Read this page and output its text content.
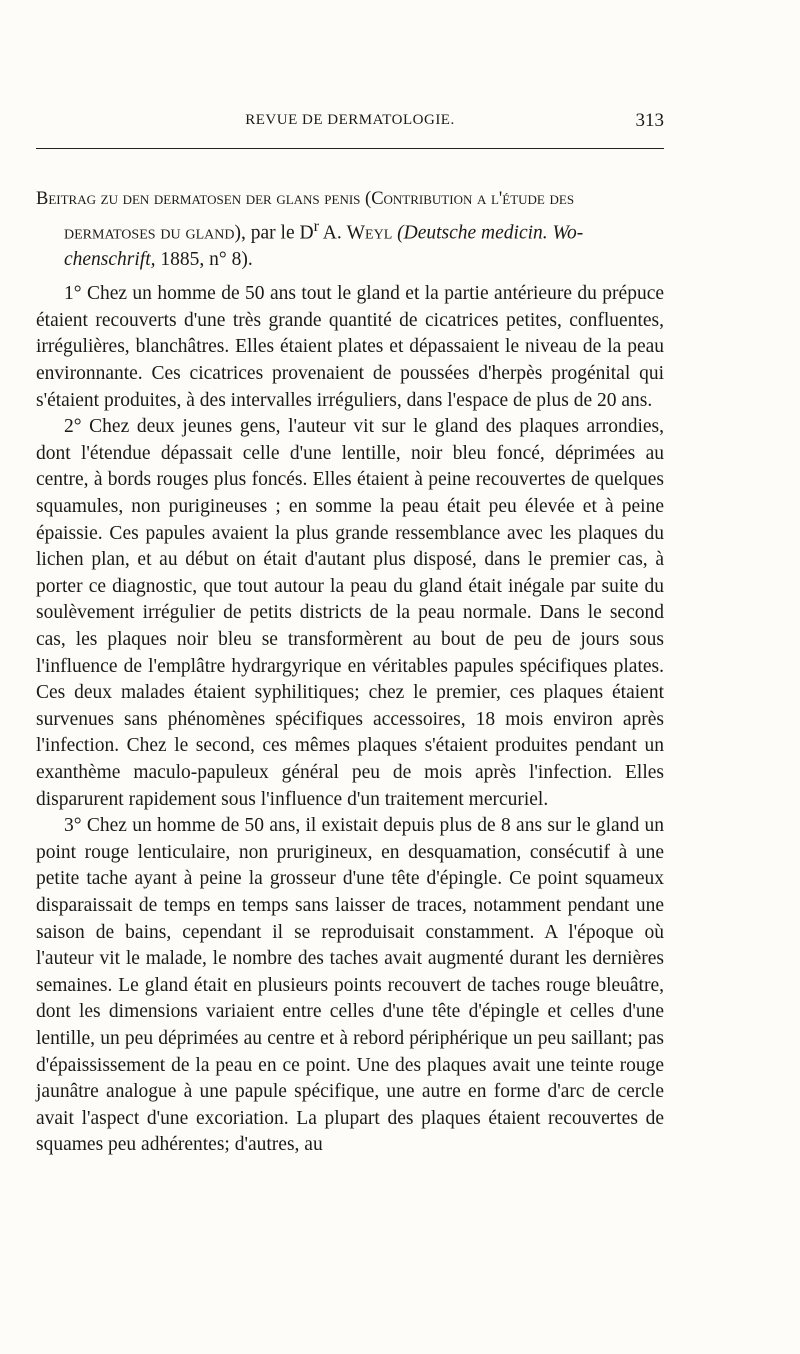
REVUE DE DERMATOLOGIE.	313
Beitrag zu den dermatosen der glans penis (Contribution a l'étude des
dermatoses du gland), par le $D^r$ A. Weyl (Deutsche medicin. Wo- chenschrift, 1885, n° 8).

1° Chez un homme de 50 ans tout le gland et la partie antérieure du prépuce étaient recouverts d'une très grande quantité de cicatrices petites, confluentes, irrégulières, blanchâtres. Elles étaient plates et dépassaient le niveau de la peau environnante. Ces cicatrices provenaient de poussées d'herpès progénital qui s'étaient produites, à des intervalles irréguliers, dans l'espace de plus de 20 ans.

2° Chez deux jeunes gens, l'auteur vit sur le gland des plaques arrondies, dont l'étendue dépassait celle d'une lentille, noir bleu foncé, déprimées au centre, à bords rouges plus foncés. Elles étaient à peine recouvertes de quelques squamules, non purigineuses ; en somme la peau était peu élevée et à peine épaissie. Ces papules avaient la plus grande ressemblance avec les plaques du lichen plan, et au début on était d'autant plus disposé, dans le premier cas, à porter ce diagnostic, que tout autour la peau du gland était inégale par suite du soulèvement irrégulier de petits districts de la peau normale. Dans le second cas, les plaques noir bleu se transformèrent au bout de peu de jours sous l'influence de l'emplâtre hydrargyrique en véritables papules spécifiques plates. Ces deux malades étaient syphilitiques; chez le premier, ces plaques étaient survenues sans phénomènes spécifiques accessoires, 18 mois environ après l'infection. Chez le second, ces mêmes plaques s'étaient produites pendant un exanthème maculo-papuleux général peu de mois après l'infection. Elles disparurent rapidement sous l'influence d'un traitement mercuriel.

3° Chez un homme de 50 ans, il existait depuis plus de 8 ans sur le gland un point rouge lenticulaire, non prurigineux, en desquamation, consécutif à une petite tache ayant à peine la grosseur d'une tête d'épingle. Ce point squameux disparaissait de temps en temps sans laisser de traces, notamment pendant une saison de bains, cependant il se reproduisait constamment. A l'époque où l'auteur vit le malade, le nombre des taches avait augmenté durant les dernières semaines. Le gland était en plusieurs points recouvert de taches rouge bleuâtre, dont les dimensions variaient entre celles d'une tête d'épingle et celles d'une lentille, un peu déprimées au centre et à rebord périphérique un peu saillant; pas d'épaississement de la peau en ce point. Une des plaques avait une teinte rouge jaunâtre analogue à une papule spécifique, une autre en forme d'arc de cercle avait l'aspect d'une excoriation. La plupart des plaques étaient recouvertes de squames peu adhérentes; d'autres, au
